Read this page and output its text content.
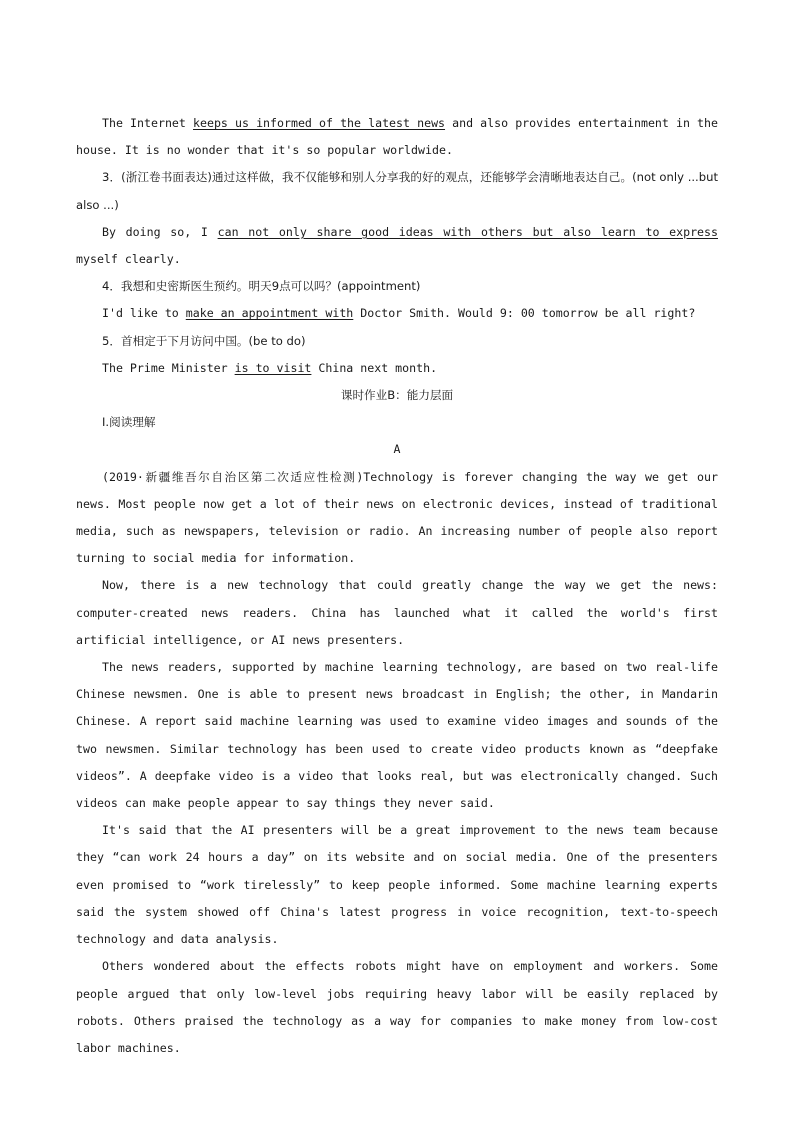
The Internet keeps us informed of the latest news and also provides entertainment in the house. It is no wonder that it's so popular worldwide.

3．(浙江卷书面表达)通过这样做，我不仅能够和别人分享我的好的观点，还能够学会清晰地表达自己。(not only ...but also ...)

By doing so, I can not only share good ideas with others but also learn to express myself clearly.

4．我想和史密斯医生预约。明天9点可以吗？(appointment)

I'd like to make an appointment with Doctor Smith. Would 9: 00 tomorrow be all right?

5．首相定于下月访问中国。(be to do)

The Prime Minister is to visit China next month.

课时作业B：能力层面

Ⅰ.阅读理解

A

(2019·新疆维吾尔自治区第二次适应性检测)Technology is forever changing the way we get our news. Most people now get a lot of their news on electronic devices, instead of traditional media, such as newspapers, television or radio. An increasing number of people also report turning to social media for information.

Now, there is a new technology that could greatly change the way we get the news: computer-created news readers. China has launched what it called the world's first artificial intelligence, or AI news presenters.

The news readers, supported by machine learning technology, are based on two real-life Chinese newsmen. One is able to present news broadcast in English; the other, in Mandarin Chinese. A report said machine learning was used to examine video images and sounds of the two newsmen. Similar technology has been used to create video products known as “deepfake videos”. A deepfake video is a video that looks real, but was electronically changed. Such videos can make people appear to say things they never said.

It's said that the AI presenters will be a great improvement to the news team because they “can work 24 hours a day” on its website and on social media. One of the presenters even promised to “work tirelessly” to keep people informed. Some machine learning experts said the system showed off China's latest progress in voice recognition, text-to-speech technology and data analysis.

Others wondered about the effects robots might have on employment and workers. Some people argued that only low-level jobs requiring heavy labor will be easily replaced by robots. Others praised the technology as a way for companies to make money from low-cost labor machines.
